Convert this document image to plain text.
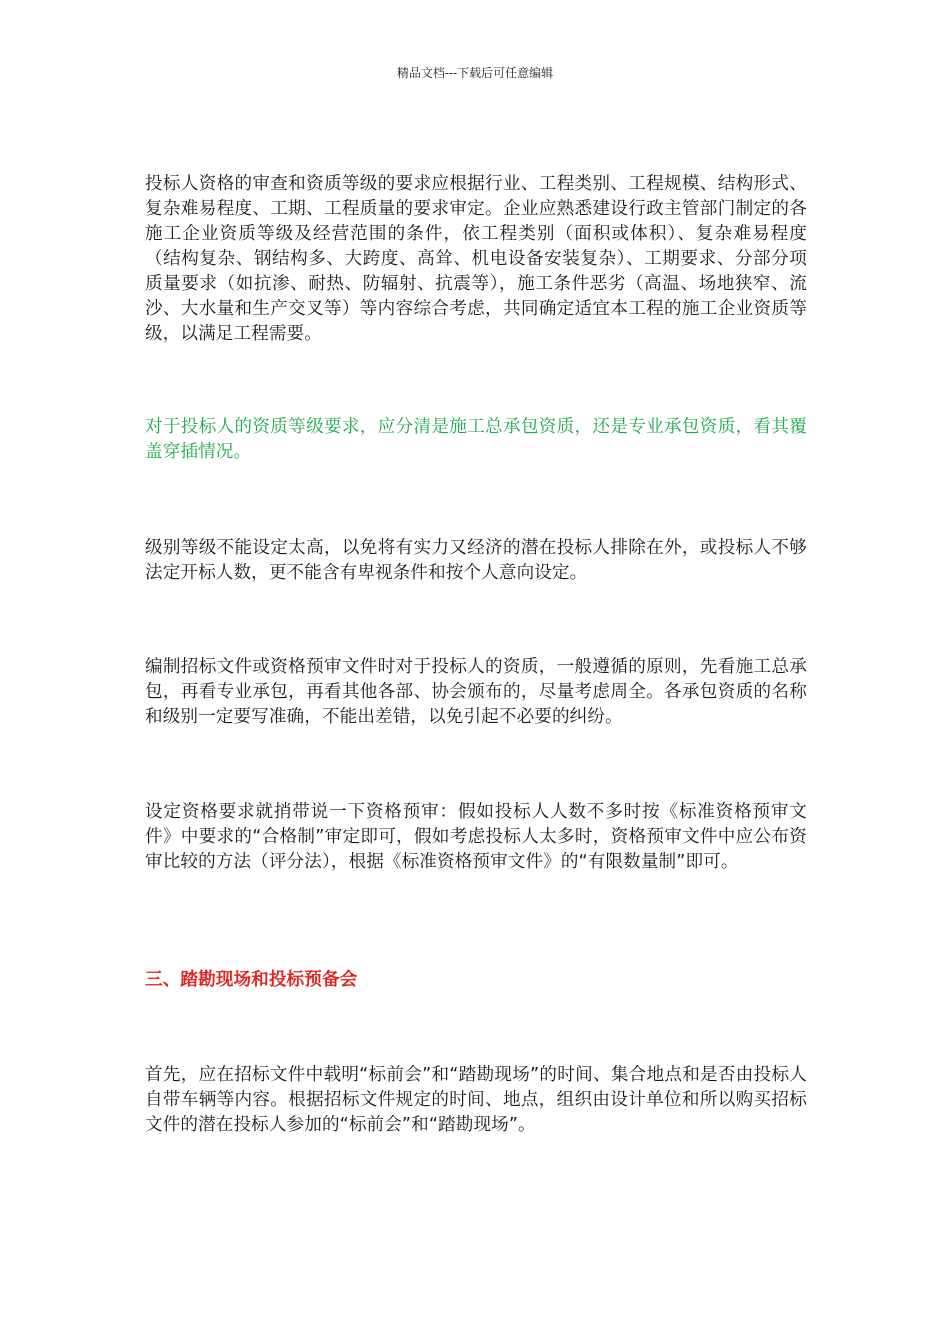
精品文档---下载后可任意编辑

投标人资格的审查和资质等级的要求应根据行业、工程类别、工程规模、结构形式、复杂难易程度、工期、工程质量的要求审定。企业应熟悉建设行政主管部门制定的各施工企业资质等级及经营范围的条件，依工程类别（面积或体积）、复杂难易程度（结构复杂、钢结构多、大跨度、高耸、机电设备安装复杂）、工期要求、分部分项质量要求（如抗渗、耐热、防辐射、抗震等），施工条件恶劣（高温、场地狭窄、流沙、大水量和生产交叉等）等内容综合考虑，共同确定适宜本工程的施工企业资质等级，以满足工程需要。

对于投标人的资质等级要求，应分清是施工总承包资质，还是专业承包资质，看其覆盖穿插情况。

级别等级不能设定太高，以免将有实力又经济的潜在投标人排除在外，或投标人不够法定开标人数，更不能含有卑视条件和按个人意向设定。

编制招标文件或资格预审文件时对于投标人的资质，一般遵循的原则，先看施工总承包，再看专业承包，再看其他各部、协会颁布的，尽量考虑周全。各承包资质的名称和级别一定要写准确，不能出差错，以免引起不必要的纠纷。

设定资格要求就捎带说一下资格预审：假如投标人人数不多时按《标准资格预审文件》中要求的“合格制”审定即可，假如考虑投标人太多时，资格预审文件中应公布资审比较的方法（评分法），根据《标准资格预审文件》的“有限数量制”即可。

三、踏勘现场和投标预备会

首先，应在招标文件中载明“标前会”和“踏勘现场”的时间、集合地点和是否由投标人自带车辆等内容。根据招标文件规定的时间、地点，组织由设计单位和所以购买招标文件的潜在投标人参加的“标前会”和“踏勘现场”。
